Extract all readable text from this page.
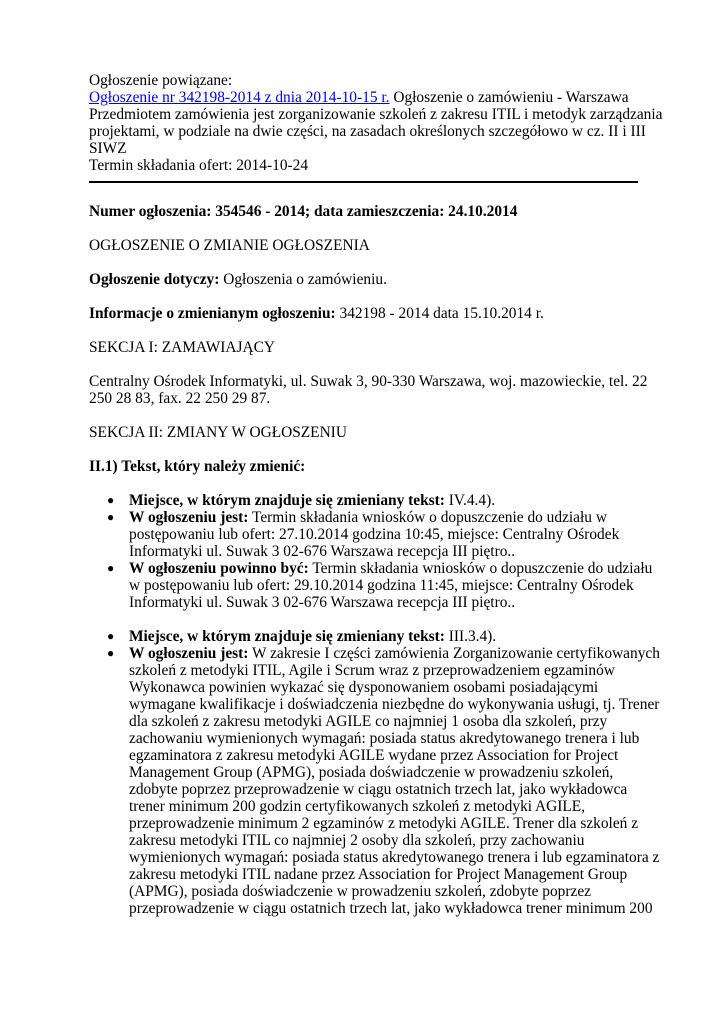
Ogłoszenie powiązane:
Ogłoszenie nr 342198-2014 z dnia 2014-10-15 r. Ogłoszenie o zamówieniu - Warszawa
Przedmiotem zamówienia jest zorganizowanie szkoleń z zakresu ITIL i metodyk zarządzania
projektami, w podziale na dwie części, na zasadach określonych szczegółowo w cz. II i III
SIWZ
Termin składania ofert: 2014-10-24

Numer ogłoszenia: 354546 - 2014; data zamieszczenia: 24.10.2014

OGŁOSZENIE O ZMIANIE OGŁOSZENIA

Ogłoszenie dotyczy: Ogłoszenia o zamówieniu.

Informacje o zmienianym ogłoszeniu: 342198 - 2014 data 15.10.2014 r.

SEKCJA I: ZAMAWIAJĄCY

Centralny Ośrodek Informatyki, ul. Suwak 3, 90-330 Warszawa, woj. mazowieckie, tel. 22
250 28 83, fax. 22 250 29 87.

SEKCJA II: ZMIANY W OGŁOSZENIU

II.1) Tekst, który należy zmienić:

● Miejsce, w którym znajduje się zmieniany tekst: IV.4.4).
● W ogłoszeniu jest: Termin składania wniosków o dopuszczenie do udziału w
postępowaniu lub ofert: 27.10.2014 godzina 10:45, miejsce: Centralny Ośrodek
Informatyki ul. Suwak 3 02-676 Warszawa recepcja III piętro..
● W ogłoszeniu powinno być: Termin składania wniosków o dopuszczenie do udziału
w postępowaniu lub ofert: 29.10.2014 godzina 11:45, miejsce: Centralny Ośrodek
Informatyki ul. Suwak 3 02-676 Warszawa recepcja III piętro..
● Miejsce, w którym znajduje się zmieniany tekst: III.3.4).
● W ogłoszeniu jest: W zakresie I części zamówienia Zorganizowanie certyfikowanych
szkoleń z metodyki ITIL, Agile i Scrum wraz z przeprowadzeniem egzaminów
Wykonawca powinien wykazać się dysponowaniem osobami posiadającymi
wymagane kwalifikacje i doświadczenia niezbędne do wykonywania usługi, tj. Trener
dla szkoleń z zakresu metodyki AGILE co najmniej 1 osoba dla szkoleń, przy
zachowaniu wymienionych wymagań: posiada status akredytowanego trenera i lub
egzaminatora z zakresu metodyki AGILE wydane przez Association for Project
Management Group (APMG), posiada doświadczenie w prowadzeniu szkoleń,
zdobyte poprzez przeprowadzenie w ciągu ostatnich trzech lat, jako wykładowca
trener minimum 200 godzin certyfikowanych szkoleń z metodyki AGILE,
przeprowadzenie minimum 2 egzaminów z metodyki AGILE. Trener dla szkoleń z
zakresu metodyki ITIL co najmniej 2 osoby dla szkoleń, przy zachowaniu
wymienionych wymagań: posiada status akredytowanego trenera i lub egzaminatora z
zakresu metodyki ITIL nadane przez Association for Project Management Group
(APMG), posiada doświadczenie w prowadzeniu szkoleń, zdobyte poprzez
przeprowadzenie w ciągu ostatnich trzech lat, jako wykładowca trener minimum 200
